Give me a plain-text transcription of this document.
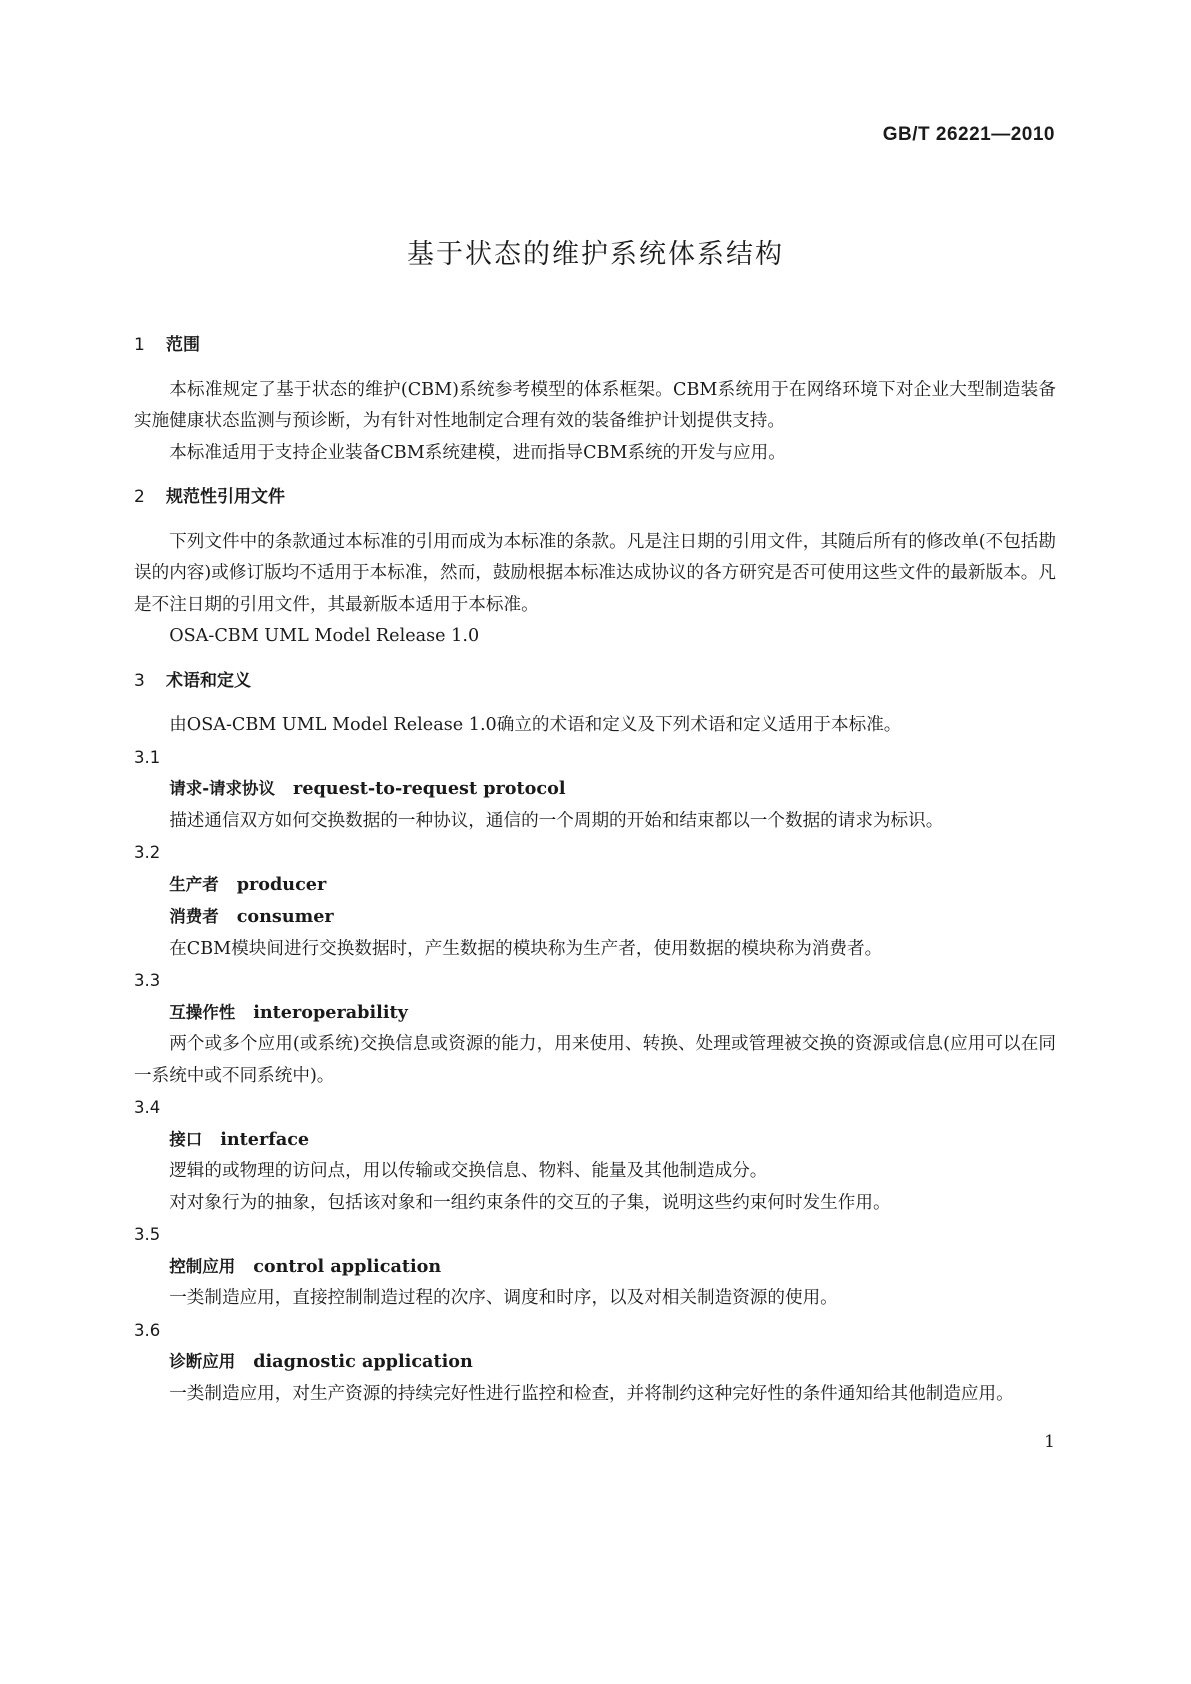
GB/T 26221—2010
基于状态的维护系统体系结构
1 范围

本标准规定了基于状态的维护(CBM)系统参考模型的体系框架。CBM系统用于在网络环境下对企业大型制造装备实施健康状态监测与预诊断，为有针对性地制定合理有效的装备维护计划提供支持。

本标准适用于支持企业装备CBM系统建模，进而指导CBM系统的开发与应用。

2 规范性引用文件

下列文件中的条款通过本标准的引用而成为本标准的条款。凡是注日期的引用文件，其随后所有的修改单(不包括勘误的内容)或修订版均不适用于本标准，然而，鼓励根据本标准达成协议的各方研究是否可使用这些文件的最新版本。凡是不注日期的引用文件，其最新版本适用于本标准。

OSA-CBM UML Model Release 1.0

3 术语和定义

由OSA-CBM UML Model Release 1.0确立的术语和定义及下列术语和定义适用于本标准。

3.1

请求-请求协议 request-to-request protocol

描述通信双方如何交换数据的一种协议，通信的一个周期的开始和结束都以一个数据的请求为标识。

3.2

生产者 producer

消费者 consumer

在CBM模块间进行交换数据时，产生数据的模块称为生产者，使用数据的模块称为消费者。

3.3

互操作性 interoperability

两个或多个应用(或系统)交换信息或资源的能力，用来使用、转换、处理或管理被交换的资源或信息(应用可以在同一系统中或不同系统中)。

3.4

接口 interface

逻辑的或物理的访问点，用以传输或交换信息、物料、能量及其他制造成分。

对对象行为的抽象，包括该对象和一组约束条件的交互的子集，说明这些约束何时发生作用。

3.5

控制应用 control application

一类制造应用，直接控制制造过程的次序、调度和时序，以及对相关制造资源的使用。

3.6

诊断应用 diagnostic application

一类制造应用，对生产资源的持续完好性进行监控和检查，并将制约这种完好性的条件通知给其他制造应用。

1
